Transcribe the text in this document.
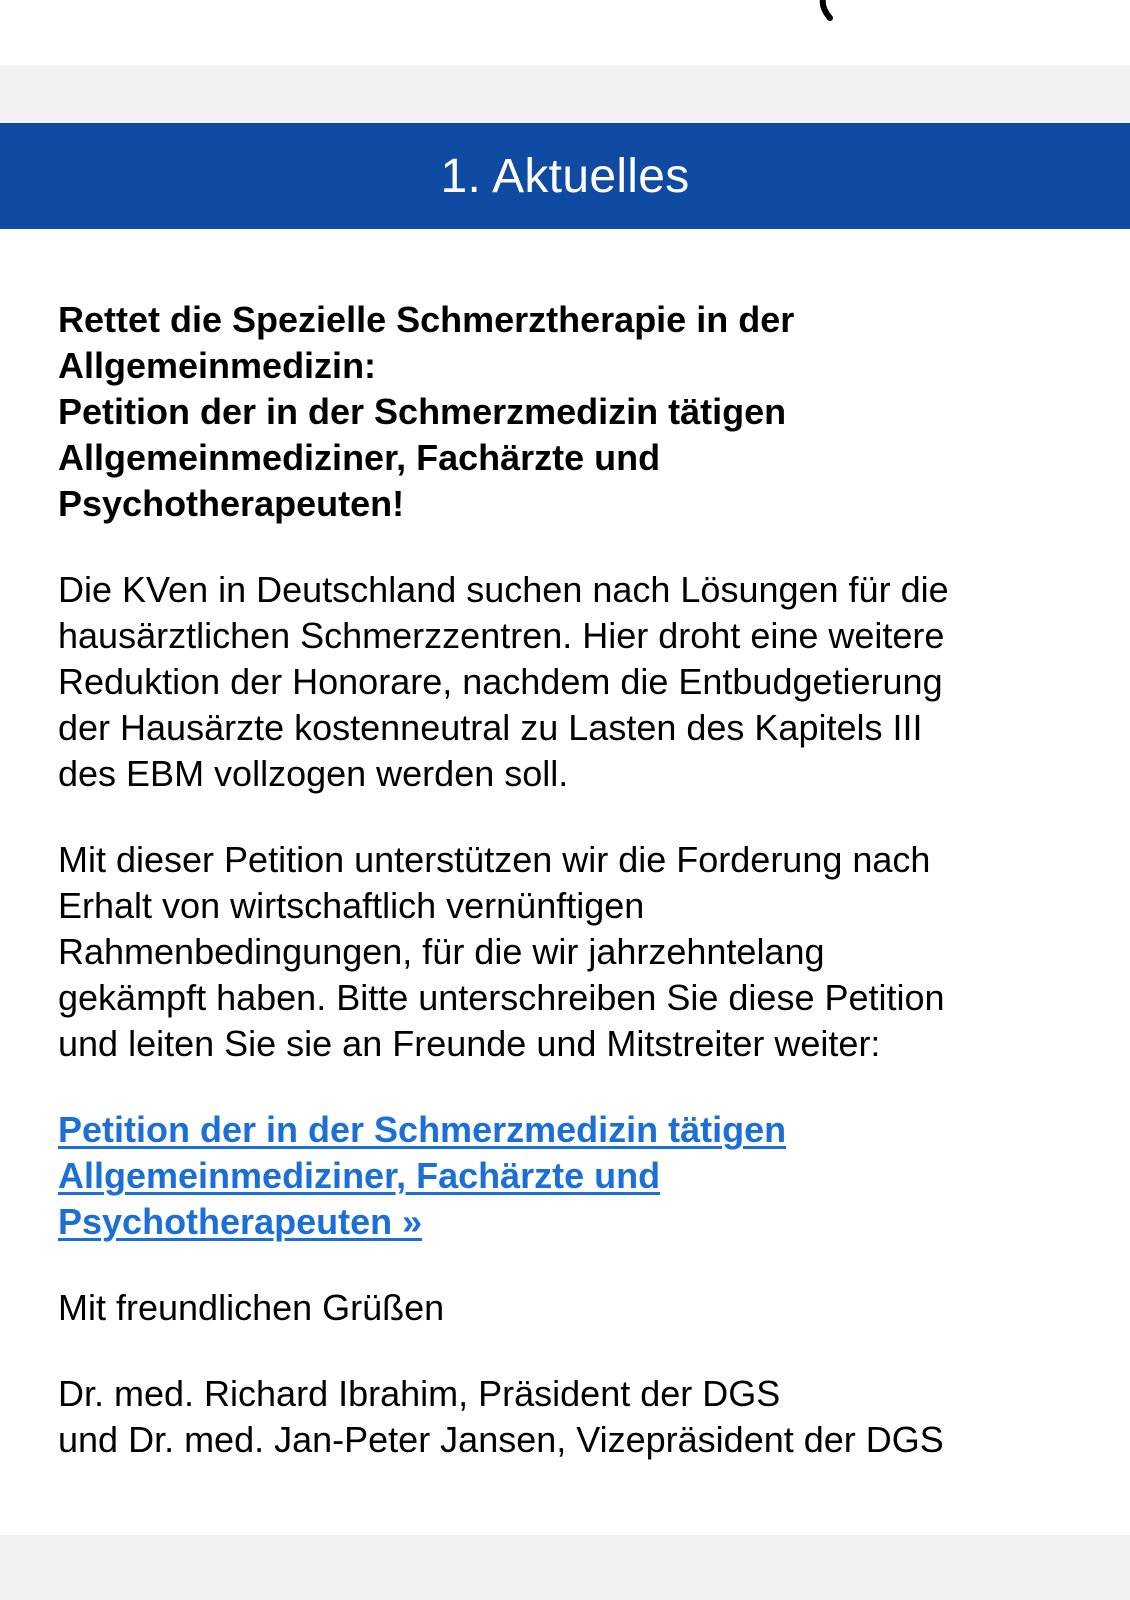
1. Aktuelles
Rettet die Spezielle Schmerztherapie in der
Allgemeinmedizin:
Petition der in der Schmerzmedizin tätigen
Allgemeinmediziner, Fachärzte und
Psychotherapeuten!

Die KVen in Deutschland suchen nach Lösungen für die
hausärztlichen Schmerzzentren. Hier droht eine weitere
Reduktion der Honorare, nachdem die Entbudgetierung
der Hausärzte kostenneutral zu Lasten des Kapitels III
des EBM vollzogen werden soll.

Mit dieser Petition unterstützen wir die Forderung nach
Erhalt von wirtschaftlich vernünftigen
Rahmenbedingungen, für die wir jahrzehntelang
gekämpft haben. Bitte unterschreiben Sie diese Petition
und leiten Sie sie an Freunde und Mitstreiter weiter:

Petition der in der Schmerzmedizin tätigen
Allgemeinmediziner, Fachärzte und
Psychotherapeuten »

Mit freundlichen Grüßen

Dr. med. Richard Ibrahim, Präsident der DGS
und Dr. med. Jan-Peter Jansen, Vizepräsident der DGS
